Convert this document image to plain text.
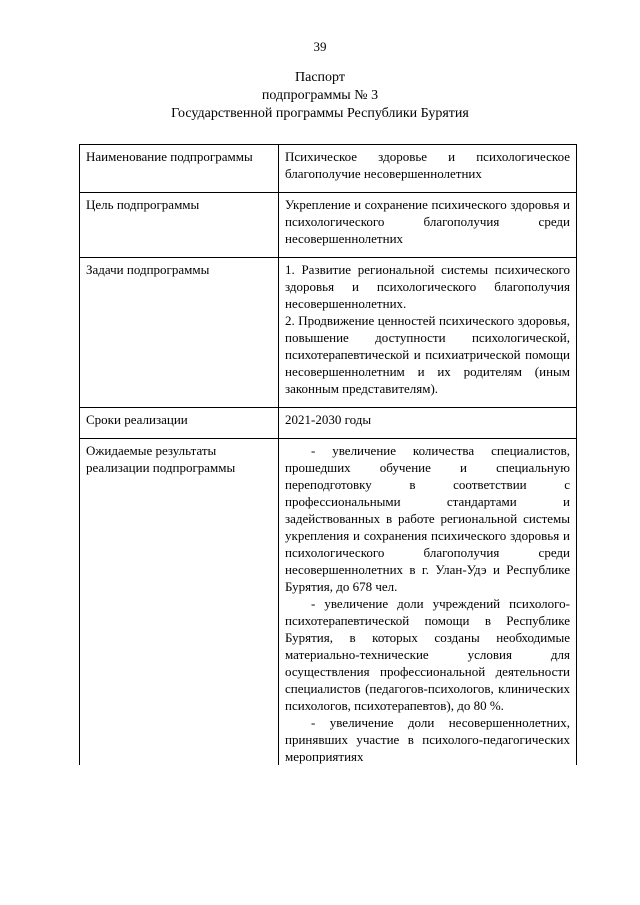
39
Паспорт
подпрограммы № 3
Государственной программы Республики Бурятия
Наименование подпрограммы	Психическое здоровье и психологическое благополучие несовершеннолетних
Цель подпрограммы	Укрепление и сохранение психического здоровья и психологического благополучия среди несовершеннолетних
Задачи подпрограммы	1. Развитие региональной системы психического здоровья и психологического благополучия несовершеннолетних.
2. Продвижение ценностей психического здоровья, повышение доступности психологической, психотерапевтической и психиатрической помощи несовершеннолетним и их родителям (иным законным представителям).

Сроки реализации	2021-2030 годы
Ожидаемые результаты реализации подпрограммы	- увеличение количества специалистов, прошедших обучение и специальную переподготовку в соответствии с профессиональными стандартами и задействованных в работе региональной системы укрепления и сохранения психического здоровья и психологического благополучия среди несовершеннолетних в г. Улан-Удэ и Республике Бурятия, до 678 чел.
- увеличение доли учреждений психолого-психотерапевтической помощи в Республике Бурятия, в которых созданы необходимые материально-технические условия для осуществления профессиональной деятельности специалистов (педагогов-психологов, клинических психологов, психотерапевтов), до 80 %.
- увеличение доли несовершеннолетних, принявших участие в психолого-педагогических мероприятиях
